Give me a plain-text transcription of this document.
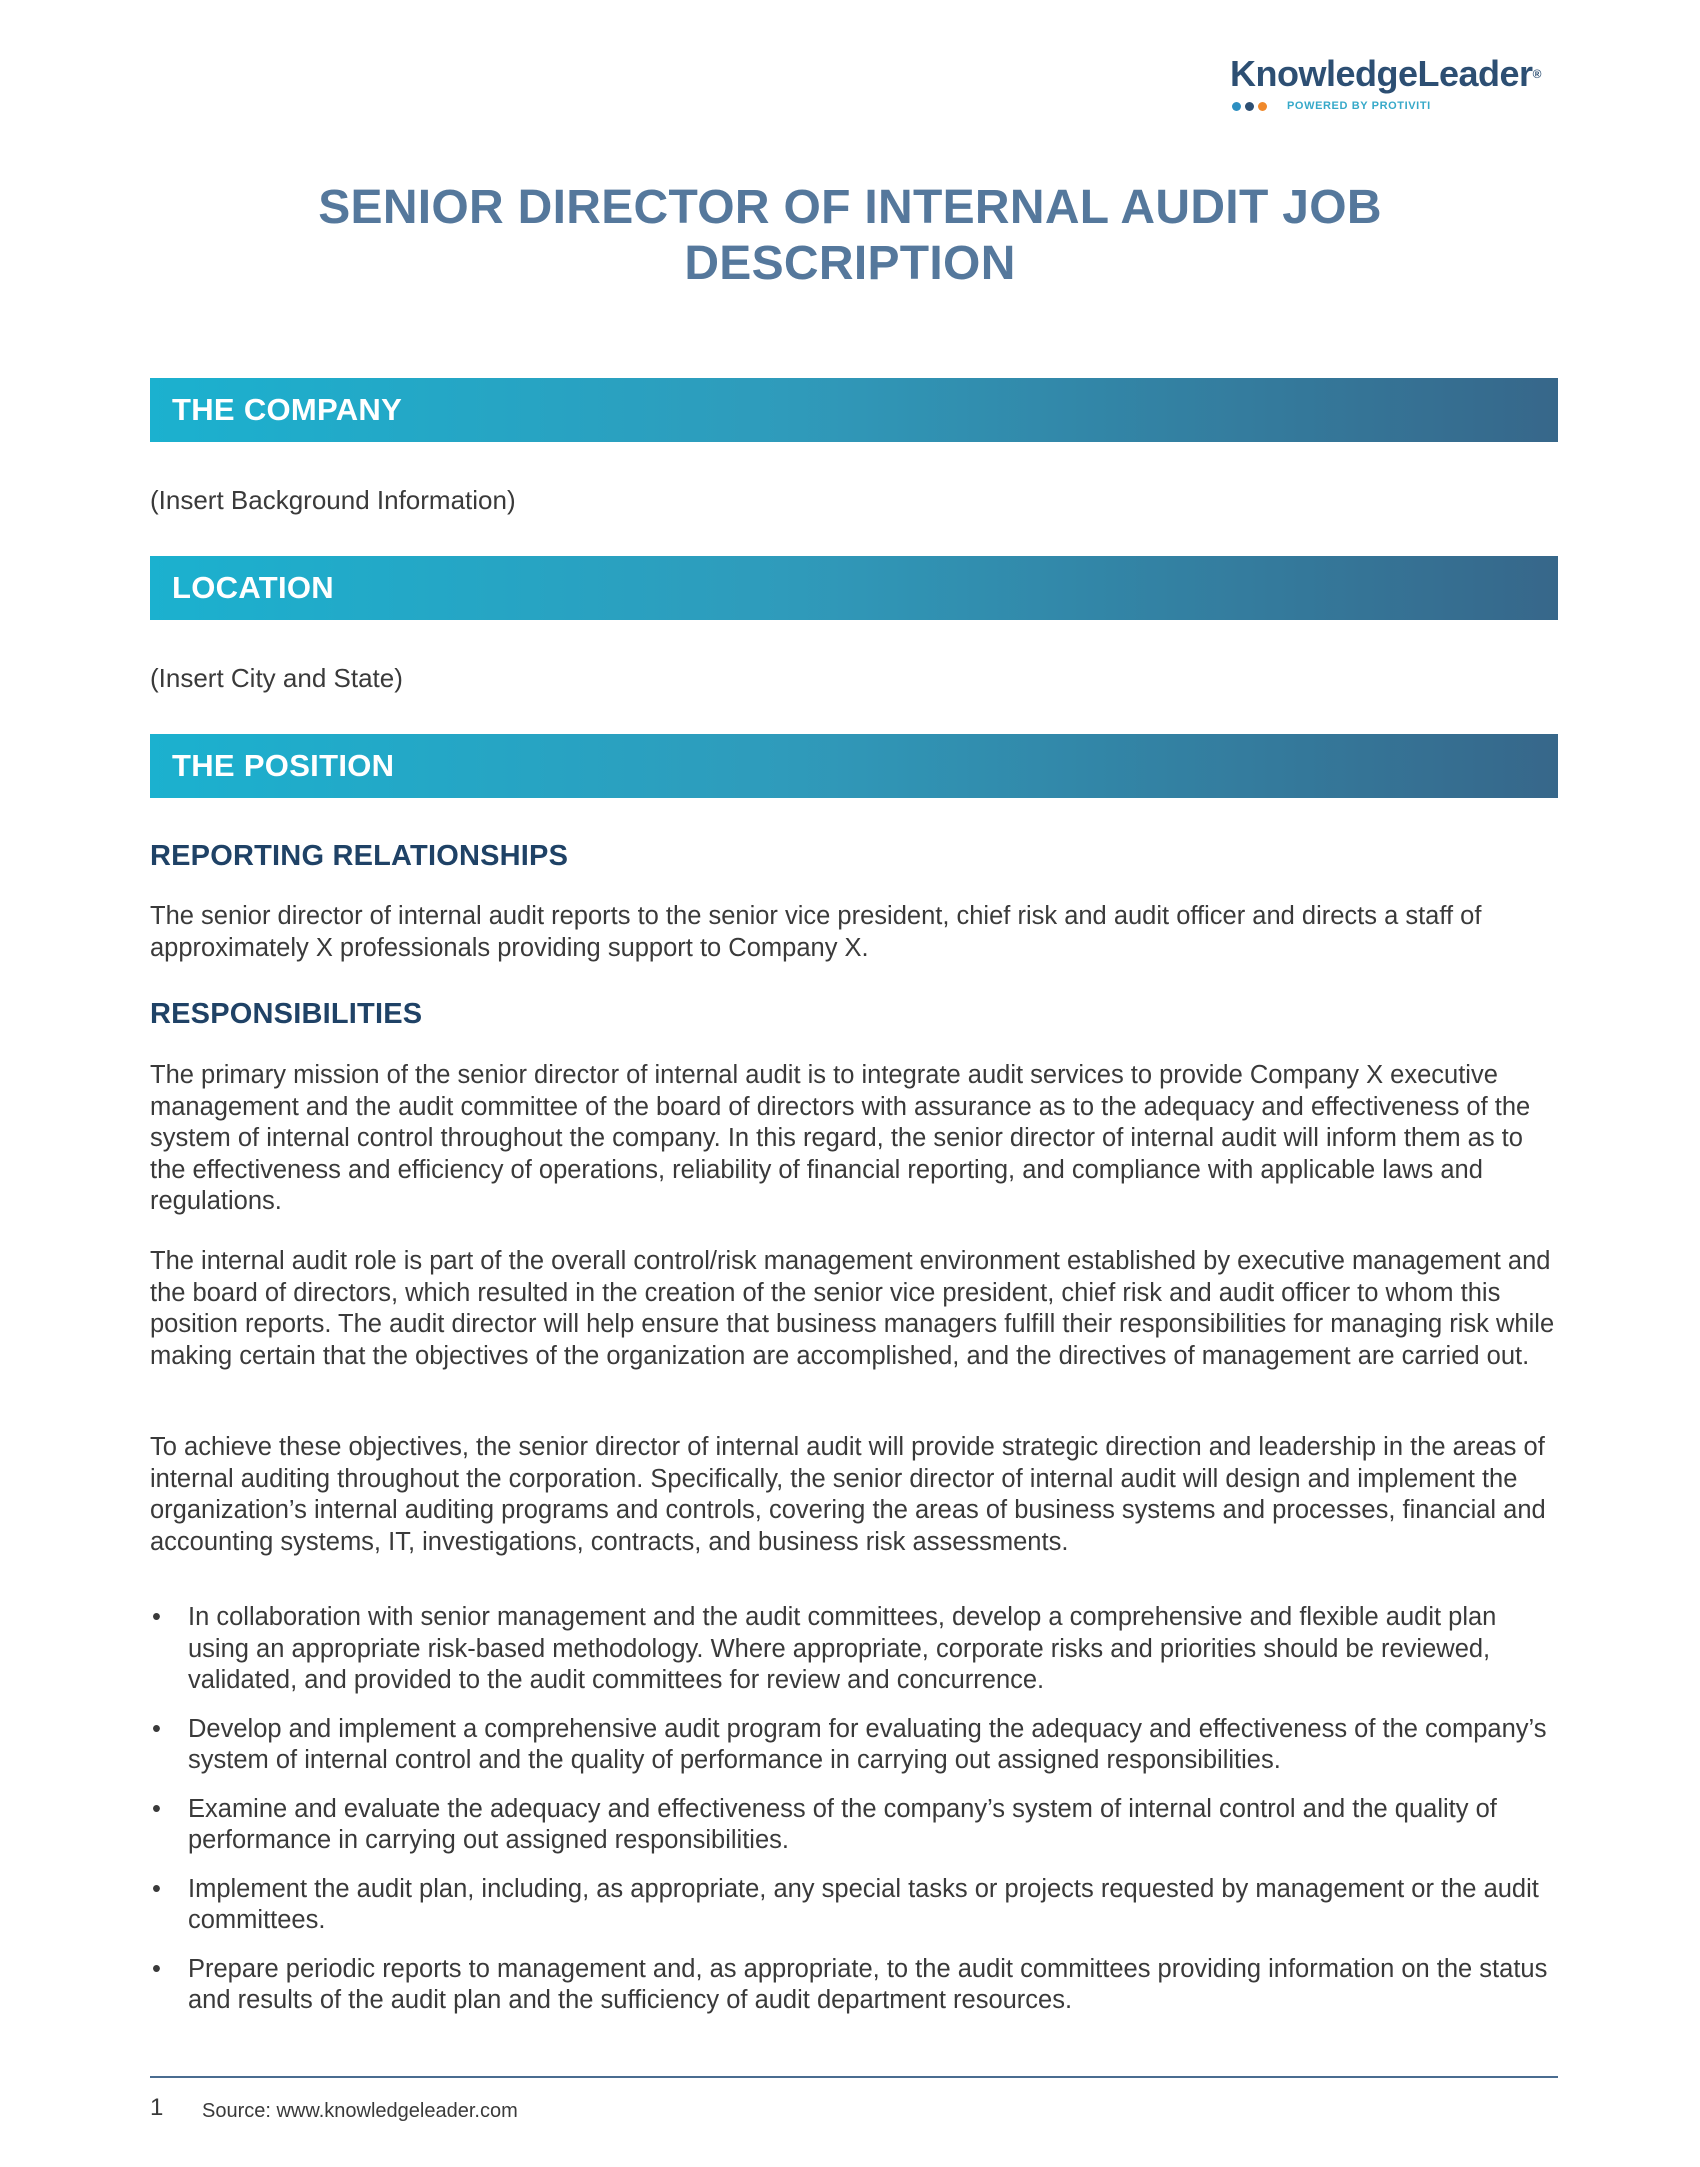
KnowledgeLeader®
POWERED BY PROTIVITI
SENIOR DIRECTOR OF INTERNAL AUDIT JOB DESCRIPTION
THE COMPANY
(Insert Background Information)
LOCATION
(Insert City and State)
THE POSITION
REPORTING RELATIONSHIPS

The senior director of internal audit reports to the senior vice president, chief risk and audit officer and directs a staff of approximately X professionals providing support to Company X.

RESPONSIBILITIES

The primary mission of the senior director of internal audit is to integrate audit services to provide Company X executive management and the audit committee of the board of directors with assurance as to the adequacy and effectiveness of the system of internal control throughout the company. In this regard, the senior director of internal audit will inform them as to the effectiveness and efficiency of operations, reliability of financial reporting, and compliance with applicable laws and regulations.

The internal audit role is part of the overall control/risk management environment established by executive management and the board of directors, which resulted in the creation of the senior vice president, chief risk and audit officer to whom this position reports. The audit director will help ensure that business managers fulfill their responsibilities for managing risk while making certain that the objectives of the organization are accomplished, and the directives of management are carried out.

To achieve these objectives, the senior director of internal audit will provide strategic direction and leadership in the areas of internal auditing throughout the corporation. Specifically, the senior director of internal audit will design and implement the organization’s internal auditing programs and controls, covering the areas of business systems and processes, financial and accounting systems, IT, investigations, contracts, and business risk assessments.

• In collaboration with senior management and the audit committees, develop a comprehensive and flexible audit plan using an appropriate risk-based methodology. Where appropriate, corporate risks and priorities should be reviewed, validated, and provided to the audit committees for review and concurrence.
• Develop and implement a comprehensive audit program for evaluating the adequacy and effectiveness of the company’s system of internal control and the quality of performance in carrying out assigned responsibilities.
• Examine and evaluate the adequacy and effectiveness of the company’s system of internal control and the quality of performance in carrying out assigned responsibilities.
• Implement the audit plan, including, as appropriate, any special tasks or projects requested by management or the audit committees.
• Prepare periodic reports to management and, as appropriate, to the audit committees providing information on the status and results of the audit plan and the sufficiency of audit department resources.
1 Source: www.knowledgeleader.com
